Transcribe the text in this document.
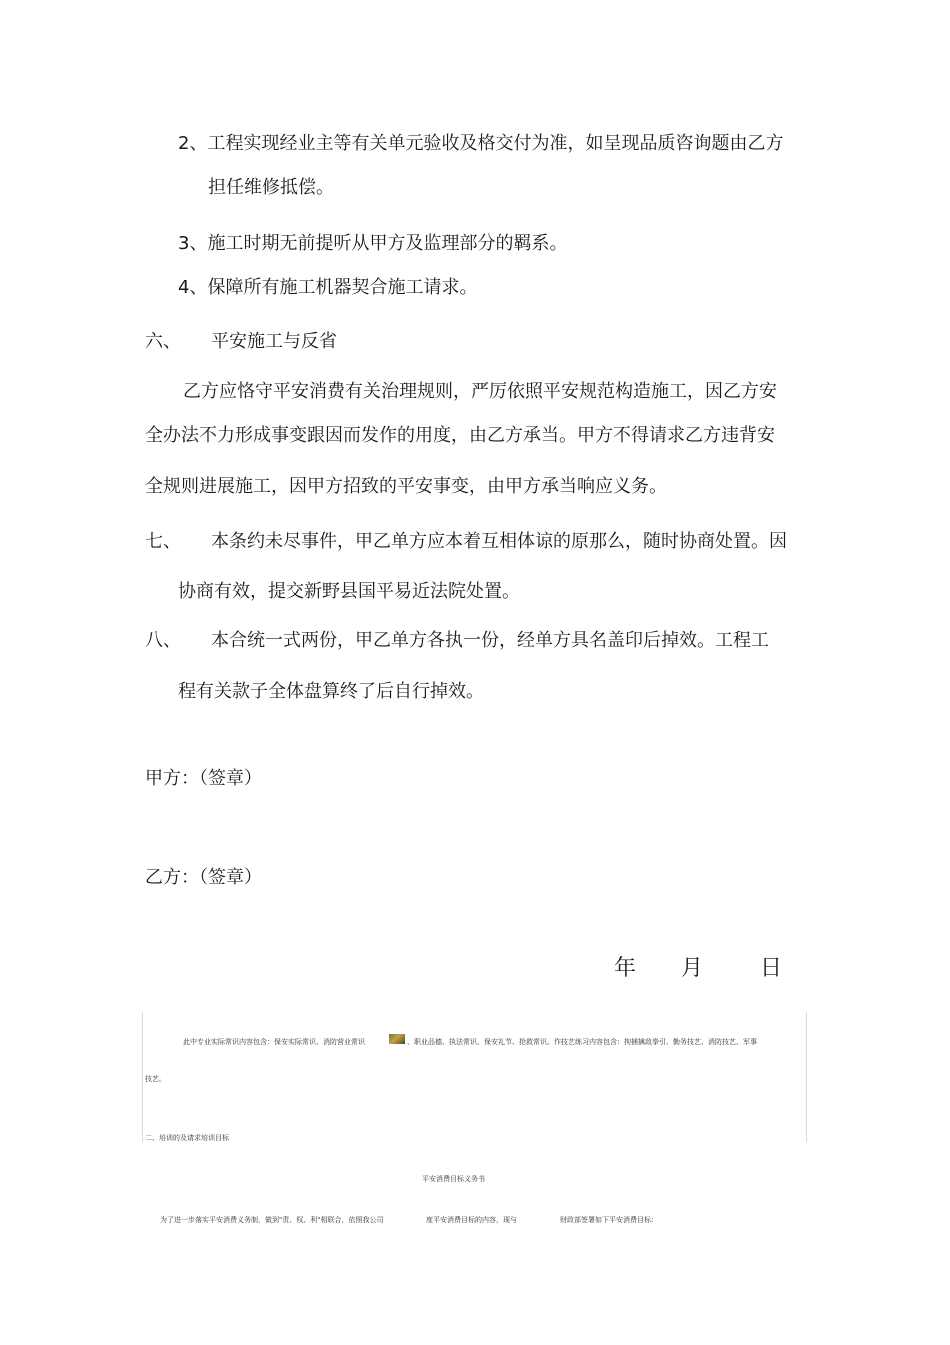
2、工程实现经业主等有关单元验收及格交付为准，如呈现品质咨询题由乙方
担任维修抵偿。
3、施工时期无前提听从甲方及监理部分的羁系。
4、保障所有施工机器契合施工请求。
六、 平安施工与反省
乙方应恪守平安消费有关治理规则，严厉依照平安规范构造施工，因乙方安
全办法不力形成事变跟因而发作的用度，由乙方承当。甲方不得请求乙方违背安
全规则进展施工，因甲方招致的平安事变，由甲方承当响应义务。
七、 本条约未尽事件，甲乙单方应本着互相体谅的原那么，随时协商处置。因
协商有效，提交新野县国平易近法院处置。
八、 本合统一式两份，甲乙单方各执一份，经单方具名盖印后掉效。工程工
程有关款子全体盘算终了后自行掉效。
甲方：（签章）
乙方：（签章）
年 月	日
此中专业实际常识内容包含：保安实际常识、消防营业常识	、职业品德、执法常识、保安礼节、抢救常识。作技艺练习内容包含：拘捕擒敌拳引、勤务技艺、消防技艺、军事
技艺。
二、培训的及请求培训目标
平安消费目标义务书
为了进一步落实平安消费义务制，做到"责、权、利"相联合，依照我公司	度平安消费目标的内容，现与	财政部签署如下平安消费目标:
